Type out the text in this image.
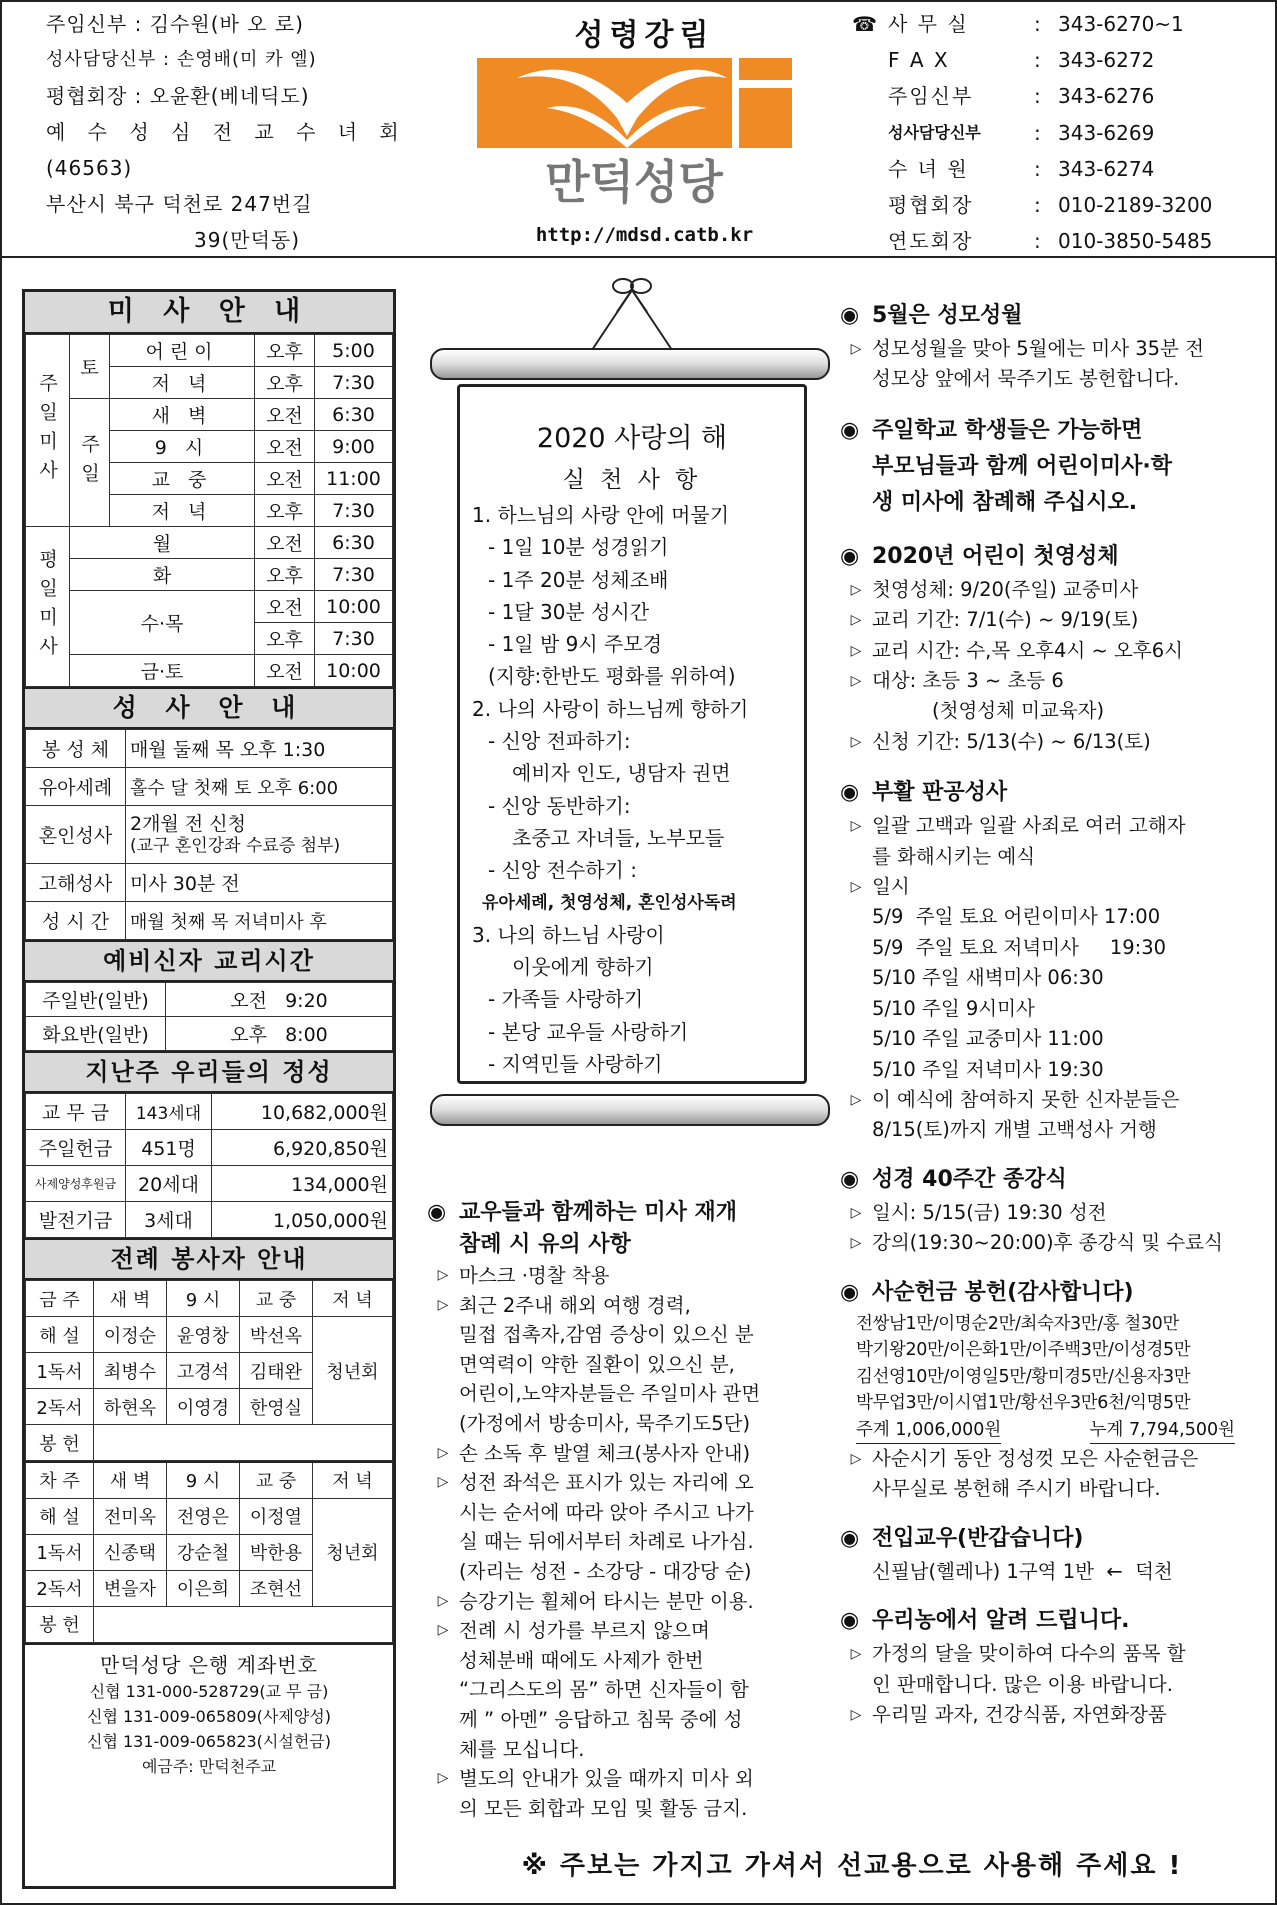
주임신부 : 김수원(바 오 로)
성사담당신부 : 손영배(미 카 엘)
평협회장 : 오윤환(베네딕도)
예 수 성 심 전 교 수 녀 회
(46563)
부산시 북구 덕천로 247번길
39(만덕동)
성령강림
만덕성당
http://mdsd.catb.kr
☎ 사 무 실	: 343-6270~1
F A X	: 343-6272
주임신부	: 343-6276
성사담당신부	: 343-6269
수 녀 원	: 343-6274
평협회장	: 010-2189-3200
연도회장	: 010-3850-5485
미 사 안 내
주일미사	토	어린이	오후	5:00
		저 녁	오후	7:30
	주일	새 벽	오전	6:30
		9 시	오전	9:00
		교 중	오전	11:00
		저 녁	오후	7:30
평일미사	월		오전	6:30
	화		오후	7:30
	수·목		오전	10:00
			오후	7:30
	금·토		오전	10:00
성 사 안 내
봉 성 체	매월 둘째 목 오후 1:30
유아세례	홀수 달 첫째 토 오후 6:00
혼인성사	2개월 전 신청
(교구 혼인강좌 수료증 첨부)

고해성사	미사 30분 전
성 시 간	매월 첫째 목 저녁미사 후
예비신자 교리시간
주일반(일반)	오전 9:20
화요반(일반)	오후 8:00
지난주 우리들의 정성
교 무 금	143세대	10,682,000원
주일헌금	451명	6,920,850원
사제양성후원금	20세대	134,000원
발전기금	3세대	1,050,000원
전례 봉사자 안내
금 주	새 벽	9 시	교 중	저 녁
해 설	이정순	윤영창	박선옥	청년회
1독서	최병수	고경석	김태완	
2독서	하현옥	이영경	한영실	
봉 헌				
차 주	새 벽	9 시	교 중	저 녁
해 설	전미옥	전영은	이정열	청년회
1독서	신종택	강순철	박한용	
2독서	변을자	이은희	조현선	
봉 헌				
만덕성당 은행 계좌번호
신협 131-000-528729(교 무 금)
신협 131-009-065809(사제양성)
신협 131-009-065823(시설헌금)
예금주: 만덕천주교
2020 사랑의 해
실 천 사 항
1. 하느님의 사랑 안에 머물기
- 1일 10분 성경읽기
- 1주 20분 성체조배
- 1달 30분 성시간
- 1일 밤 9시 주모경
(지향:한반도 평화를 위하여)
2. 나의 사랑이 하느님께 향하기
- 신앙 전파하기:
예비자 인도, 냉담자 권면
- 신앙 동반하기:
초중고 자녀들, 노부모들
- 신앙 전수하기 :
유아세례, 첫영성체, 혼인성사독려
3. 나의 하느님 사랑이
이웃에게 향하기
- 가족들 사랑하기
- 본당 교우들 사랑하기
- 지역민들 사랑하기
◉ 교우들과 함께하는 미사 재개
참례 시 유의 사항
▷ 마스크 ·명찰 착용
▷ 최근 2주내 해외 여행 경력,
밀접 접촉자,감염 증상이 있으신 분
면역력이 약한 질환이 있으신 분,
어린이,노약자분들은 주일미사 관면
(가정에서 방송미사, 묵주기도5단)
▷ 손 소독 후 발열 체크(봉사자 안내)
▷ 성전 좌석은 표시가 있는 자리에 오
시는 순서에 따라 앉아 주시고 나가
실 때는 뒤에서부터 차례로 나가심.
(자리는 성전 - 소강당 - 대강당 순)
▷ 승강기는 휠체어 타시는 분만 이용.
▷ 전례 시 성가를 부르지 않으며
성체분배 때에도 사제가 한번
“그리스도의 몸” 하면 신자들이 함
께 ” 아멘” 응답하고 침묵 중에 성
체를 모십니다.
▷ 별도의 안내가 있을 때까지 미사 외
의 모든 회합과 모임 및 활동 금지.
◉ 5월은 성모성월
▷ 성모성월을 맞아 5월에는 미사 35분 전
성모상 앞에서 묵주기도 봉헌합니다.
◉ 주일학교 학생들은 가능하면
부모님들과 함께 어린이미사·학
생 미사에 참례해 주십시오.
◉ 2020년 어린이 첫영성체
▷ 첫영성체: 9/20(주일) 교중미사
▷ 교리 기간: 7/1(수) ~ 9/19(토)
▷ 교리 시간: 수,목 오후4시 ~ 오후6시
▷ 대상: 초등 3 ~ 초등 6
(첫영성체 미교육자)
▷ 신청 기간: 5/13(수) ~ 6/13(토)
◉ 부활 판공성사
▷ 일괄 고백과 일괄 사죄로 여러 고해자
를 화해시키는 예식
▷ 일시
5/9  주일 토요 어린이미사 17:00
5/9  주일 토요 저녁미사     19:30
5/10 주일 새벽미사 06:30
5/10 주일 9시미사
5/10 주일 교중미사 11:00
5/10 주일 저녁미사 19:30
▷ 이 예식에 참여하지 못한 신자분들은
8/15(토)까지 개별 고백성사 거행
◉ 성경 40주간 종강식
▷ 일시: 5/15(금) 19:30 성전
▷ 강의(19:30~20:00)후 종강식 및 수료식
◉ 사순헌금 봉헌(감사합니다)
전쌍남1만/이명순2만/최숙자3만/홍 철30만
박기왕20만/이은화1만/이주백3만/이성경5만
김선영10만/이영일5만/황미경5만/신용자3만
박무업3만/이시엽1만/황선우3만6천/익명5만
주계 1,006,000원	누계 7,794,500원
▷ 사순시기 동안 정성껏 모은 사순헌금은
사무실로 봉헌해 주시기 바랍니다.
◉ 전입교우(반갑습니다)
신필남(헬레나) 1구역 1반  ←  덕천
◉ 우리농에서 알려 드립니다.
▷ 가정의 달을 맞이하여 다수의 품목 할
인 판매합니다. 많은 이용 바랍니다.
▷ 우리밀 과자, 건강식품, 자연화장품
※ 주보는 가지고 가셔서 선교용으로 사용해 주세요 !
